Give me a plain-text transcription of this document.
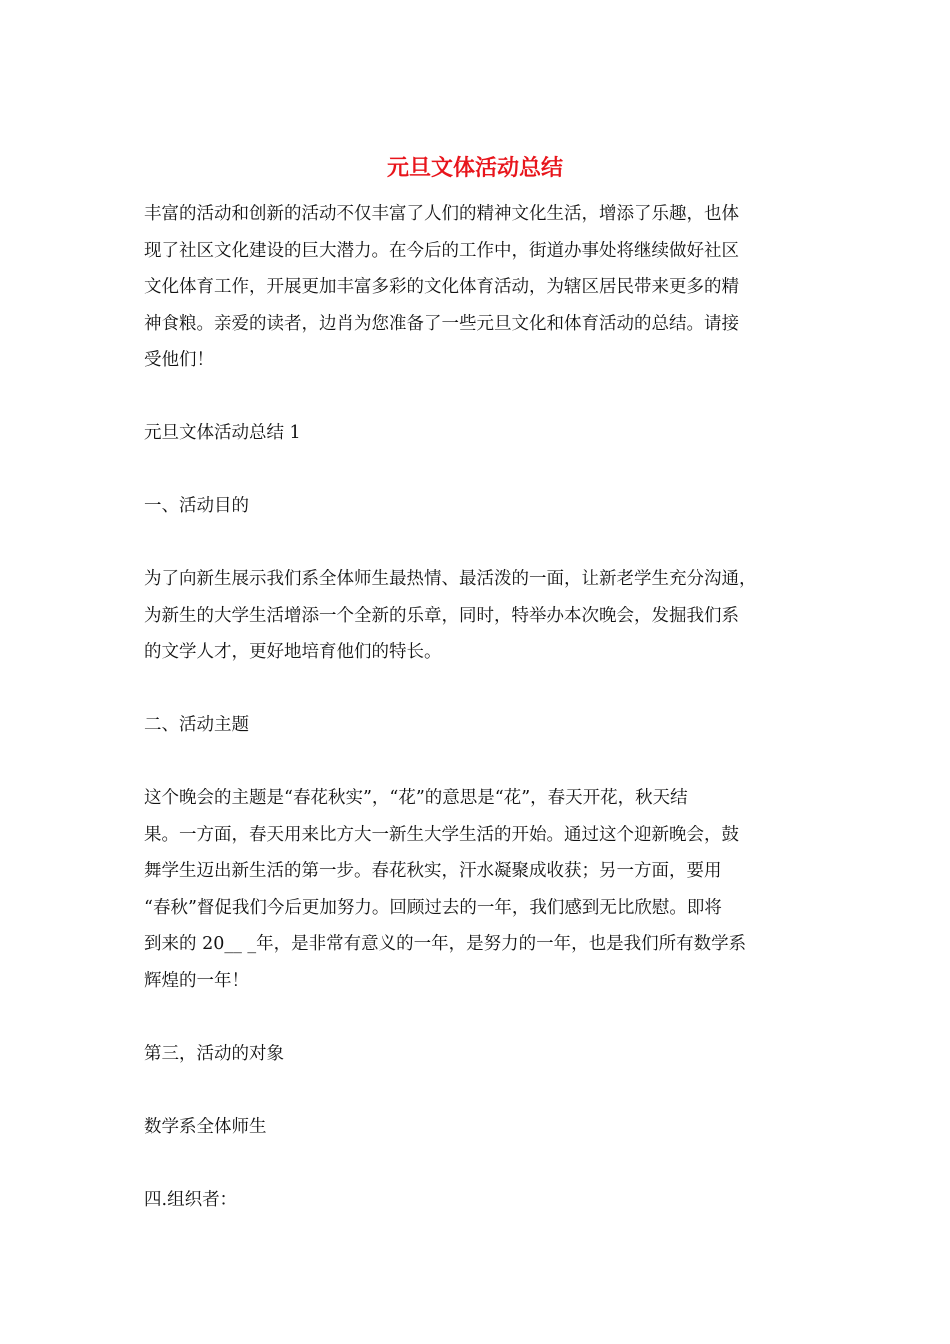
元旦文体活动总结

丰富的活动和创新的活动不仅丰富了人们的精神文化生活，增添了乐趣，也体

现了社区文化建设的巨大潜力。在今后的工作中，街道办事处将继续做好社区

文化体育工作，开展更加丰富多彩的文化体育活动，为辖区居民带来更多的精

神食粮。亲爱的读者，边肖为您准备了一些元旦文化和体育活动的总结。请接

受他们！

元旦文体活动总结 1

一、活动目的

为了向新生展示我们系全体师生最热情、最活泼的一面，让新老学生充分沟通，

为新生的大学生活增添一个全新的乐章，同时，特举办本次晚会，发掘我们系

的文学人才，更好地培育他们的特长。

二、活动主题

这个晚会的主题是“春花秋实”，“花”的意思是“花”，春天开花，秋天结

果。一方面，春天用来比方大一新生大学生活的开始。通过这个迎新晚会，鼓

舞学生迈出新生活的第一步。春花秋实，汗水凝聚成收获；另一方面，要用

“春秋”督促我们今后更加努力。回顾过去的一年，我们感到无比欣慰。即将

到来的 20__ _年，是非常有意义的一年，是努力的一年，也是我们所有数学系

辉煌的一年！

第三，活动的对象

数学系全体师生

四.组织者：
